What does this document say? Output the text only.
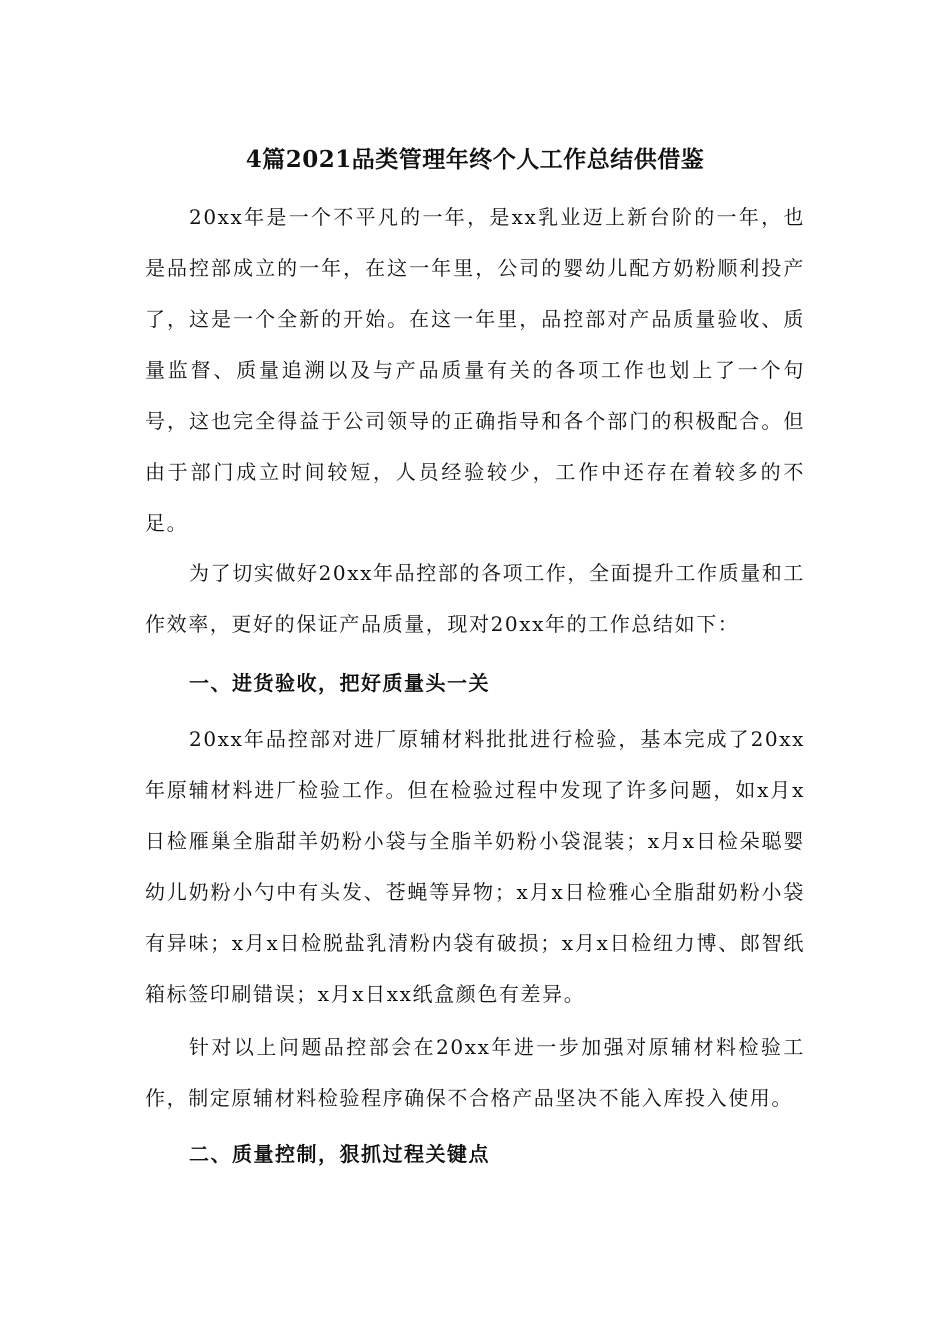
4篇2021品类管理年终个人工作总结供借鉴

20xx年是一个不平凡的一年，是xx乳业迈上新台阶的一年，也是品控部成立的一年，在这一年里，公司的婴幼儿配方奶粉顺利投产了，这是一个全新的开始。在这一年里，品控部对产品质量验收、质量监督、质量追溯以及与产品质量有关的各项工作也划上了一个句号，这也完全得益于公司领导的正确指导和各个部门的积极配合。但由于部门成立时间较短，人员经验较少，工作中还存在着较多的不足。

为了切实做好20xx年品控部的各项工作，全面提升工作质量和工作效率，更好的保证产品质量，现对20xx年的工作总结如下：

一、进货验收，把好质量头一关

20xx年品控部对进厂原辅材料批批进行检验，基本完成了20xx年原辅材料进厂检验工作。但在检验过程中发现了许多问题，如x月x日检雁巢全脂甜羊奶粉小袋与全脂羊奶粉小袋混装；x月x日检朵聪婴幼儿奶粉小勺中有头发、苍蝇等异物；x月x日检雅心全脂甜奶粉小袋有异味；x月x日检脱盐乳清粉内袋有破损；x月x日检纽力博、郎智纸箱标签印刷错误；x月x日xx纸盒颜色有差异。

针对以上问题品控部会在20xx年进一步加强对原辅材料检验工作，制定原辅材料检验程序确保不合格产品坚决不能入库投入使用。

二、质量控制，狠抓过程关键点
